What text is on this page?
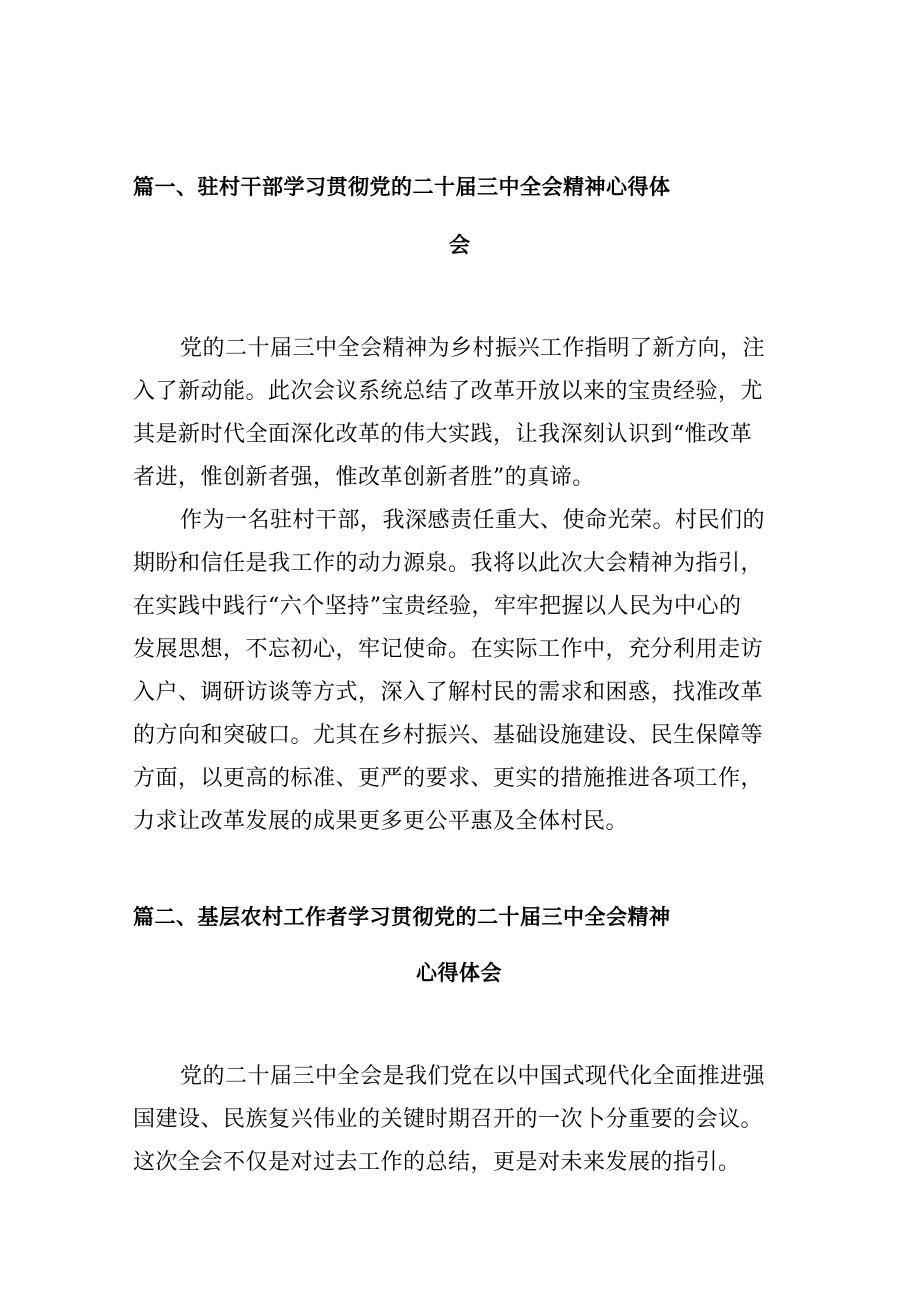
篇一、驻村干部学习贯彻党的二十届三中全会精神心得体
会
党的二十届三中全会精神为乡村振兴工作指明了新方向，注
入了新动能。此次会议系统总结了改革开放以来的宝贵经验，尤
其是新时代全面深化改革的伟大实践，让我深刻认识到“惟改革
者进，惟创新者强，惟改革创新者胜”的真谛。
作为一名驻村干部，我深感责任重大、使命光荣。村民们的
期盼和信任是我工作的动力源泉。我将以此次大会精神为指引，
在实践中践行“六个坚持”宝贵经验，牢牢把握以人民为中心的
发展思想，不忘初心，牢记使命。在实际工作中，充分利用走访
入户、调研访谈等方式，深入了解村民的需求和困惑，找准改革
的方向和突破口。尤其在乡村振兴、基础设施建设、民生保障等
方面，以更高的标准、更严的要求、更实的措施推进各项工作，
力求让改革发展的成果更多更公平惠及全体村民。
篇二、基层农村工作者学习贯彻党的二十届三中全会精神
心得体会
党的二十届三中全会是我们党在以中国式现代化全面推进强
国建设、民族复兴伟业的关键时期召开的一次卜分重要的会议。
这次全会不仅是对过去工作的总结，更是对未来发展的指引。
